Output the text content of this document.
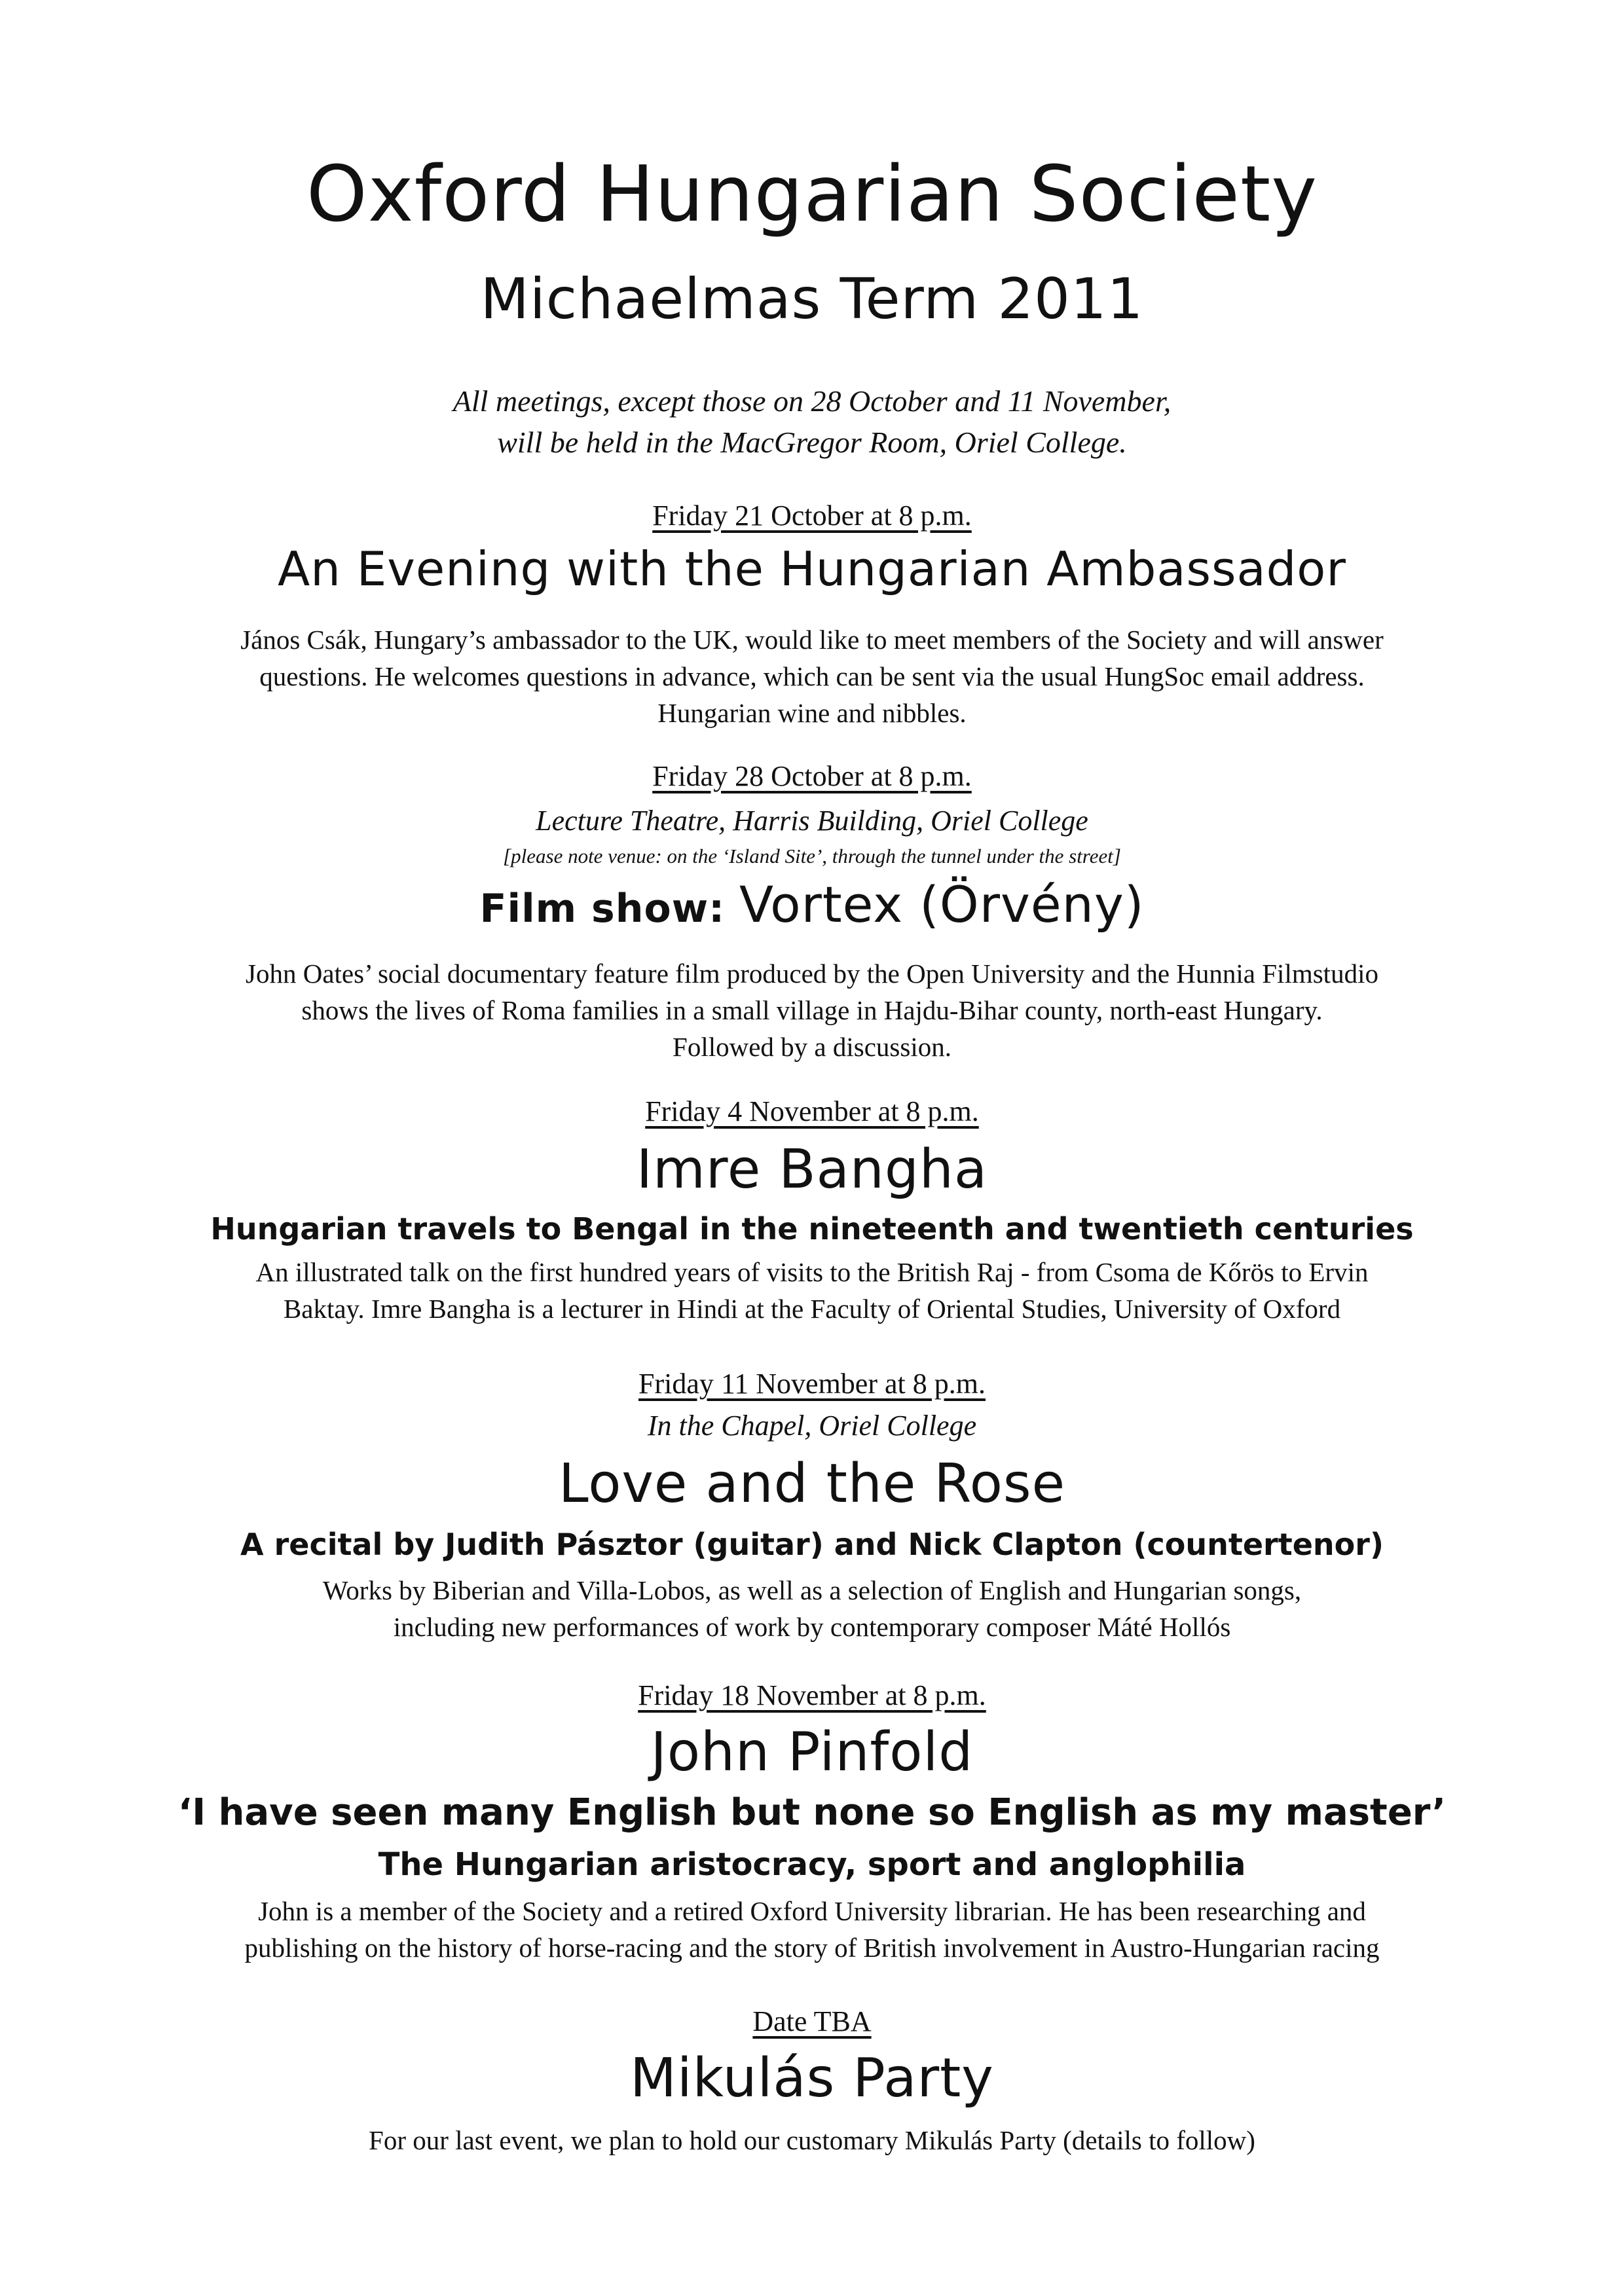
Oxford Hungarian Society
Michaelmas Term 2011
All meetings, except those on 28 October and 11 November,
will be held in the MacGregor Room, Oriel College.
Friday 21 October at 8 p.m.
An Evening with the Hungarian Ambassador
János Csák, Hungary’s ambassador to the UK, would like to meet members of the Society and will answer
questions. He welcomes questions in advance, which can be sent via the usual HungSoc email address.
Hungarian wine and nibbles.
Friday 28 October at 8 p.m.
Lecture Theatre, Harris Building, Oriel College
[please note venue: on the ‘Island Site’, through the tunnel under the street]
Film show: Vortex (Örvény)
John Oates’ social documentary feature film produced by the Open University and the Hunnia Filmstudio
shows the lives of Roma families in a small village in Hajdu-Bihar county, north-east Hungary.
Followed by a discussion.
Friday 4 November at 8 p.m.
Imre Bangha
Hungarian travels to Bengal in the nineteenth and twentieth centuries
An illustrated talk on the first hundred years of visits to the British Raj - from Csoma de Kőrös to Ervin
Baktay. Imre Bangha is a lecturer in Hindi at the Faculty of Oriental Studies, University of Oxford
Friday 11 November at 8 p.m.
In the Chapel, Oriel College
Love and the Rose
A recital by Judith Pásztor (guitar) and Nick Clapton (countertenor)
Works by Biberian and Villa-Lobos, as well as a selection of English and Hungarian songs,
including new performances of work by contemporary composer Máté Hollós
Friday 18 November at 8 p.m.
John Pinfold
‘I have seen many English but none so English as my master’
The Hungarian aristocracy, sport and anglophilia
John is a member of the Society and a retired Oxford University librarian. He has been researching and
publishing on the history of horse-racing and the story of British involvement in Austro-Hungarian racing
Date TBA
Mikulás Party
For our last event, we plan to hold our customary Mikulás Party (details to follow)
